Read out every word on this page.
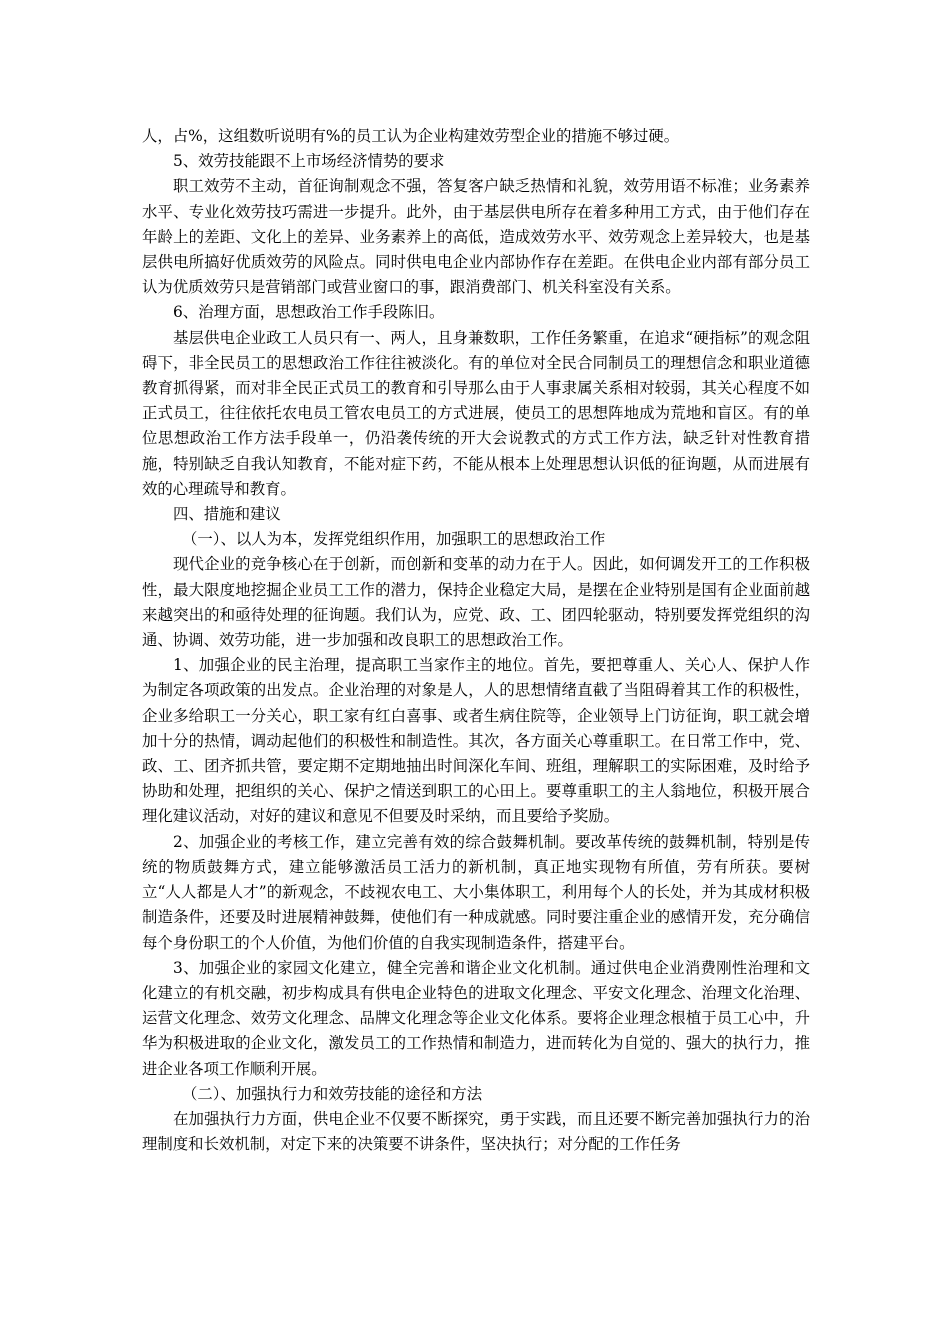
人，占%，这组数听说明有%的员工认为企业构建效劳型企业的措施不够过硬。

5、效劳技能跟不上市场经济情势的要求

职工效劳不主动，首征询制观念不强，答复客户缺乏热情和礼貌，效劳用语不标准；业务素养水平、专业化效劳技巧需进一步提升。此外，由于基层供电所存在着多种用工方式，由于他们存在年龄上的差距、文化上的差异、业务素养上的高低，造成效劳水平、效劳观念上差异较大，也是基层供电所搞好优质效劳的风险点。同时供电电企业内部协作存在差距。在供电企业内部有部分员工认为优质效劳只是营销部门或营业窗口的事，跟消费部门、机关科室没有关系。

6、治理方面，思想政治工作手段陈旧。

基层供电企业政工人员只有一、两人，且身兼数职，工作任务繁重，在追求“硬指标”的观念阻碍下，非全民员工的思想政治工作往往被淡化。有的单位对全民合同制员工的理想信念和职业道德教育抓得紧，而对非全民正式员工的教育和引导那么由于人事隶属关系相对较弱，其关心程度不如正式员工，往往依托农电员工管农电员工的方式进展，使员工的思想阵地成为荒地和盲区。有的单位思想政治工作方法手段单一，仍沿袭传统的开大会说教式的方式工作方法，缺乏针对性教育措施，特别缺乏自我认知教育，不能对症下药，不能从根本上处理思想认识低的征询题，从而进展有效的心理疏导和教育。

四、措施和建议

（一）、以人为本，发挥党组织作用，加强职工的思想政治工作

现代企业的竞争核心在于创新，而创新和变革的动力在于人。因此，如何调发开工的工作积极性，最大限度地挖掘企业员工工作的潜力，保持企业稳定大局，是摆在企业特别是国有企业面前越来越突出的和亟待处理的征询题。我们认为，应党、政、工、团四轮驱动，特别要发挥党组织的沟通、协调、效劳功能，进一步加强和改良职工的思想政治工作。

1、加强企业的民主治理，提高职工当家作主的地位。首先，要把尊重人、关心人、保护人作为制定各项政策的出发点。企业治理的对象是人，人的思想情绪直截了当阻碍着其工作的积极性，企业多给职工一分关心，职工家有红白喜事、或者生病住院等，企业领导上门访征询，职工就会增加十分的热情，调动起他们的积极性和制造性。其次，各方面关心尊重职工。在日常工作中，党、政、工、团齐抓共管，要定期不定期地抽出时间深化车间、班组，理解职工的实际困难，及时给予协助和处理，把组织的关心、保护之情送到职工的心田上。要尊重职工的主人翁地位，积极开展合理化建议活动，对好的建议和意见不但要及时采纳，而且要给予奖励。

2、加强企业的考核工作，建立完善有效的综合鼓舞机制。要改革传统的鼓舞机制，特别是传统的物质鼓舞方式，建立能够激活员工活力的新机制，真正地实现物有所值，劳有所获。要树立“人人都是人才”的新观念，不歧视农电工、大小集体职工，利用每个人的长处，并为其成材积极制造条件，还要及时进展精神鼓舞，使他们有一种成就感。同时要注重企业的感情开发，充分确信每个身份职工的个人价值，为他们价值的自我实现制造条件，搭建平台。

3、加强企业的家园文化建立，健全完善和谐企业文化机制。通过供电企业消费刚性治理和文化建立的有机交融，初步构成具有供电企业特色的进取文化理念、平安文化理念、治理文化治理、运营文化理念、效劳文化理念、品牌文化理念等企业文化体系。要将企业理念根植于员工心中，升华为积极进取的企业文化，激发员工的工作热情和制造力，进而转化为自觉的、强大的执行力，推进企业各项工作顺利开展。

（二）、加强执行力和效劳技能的途径和方法

在加强执行力方面，供电企业不仅要不断探究，勇于实践，而且还要不断完善加强执行力的治理制度和长效机制，对定下来的决策要不讲条件，坚决执行；对分配的工作任务
